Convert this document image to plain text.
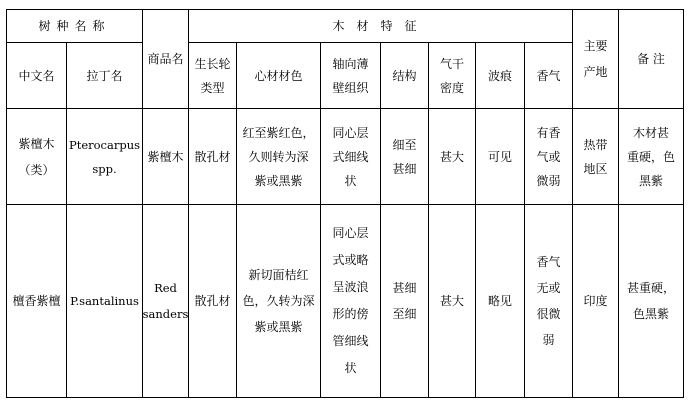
树种名称	木材特征
商品名
主要
产地
备 注
中文名	拉丁名
生长轮
类型
心材材色
轴向薄
壁组织
结构
气干
密度
波痕 香气
紫檀木
（类）
Pterocarpus
spp.
紫檀木 散孔材
红至紫红色，
久则转为深
紫或黑紫
同心层
式细线
状
细至
甚细
甚大 可见
有香
气或
微弱
热带
地区
木材甚
重硬，色
黑紫
檀香紫檀 P.santalinus
Red
sanders
散孔材
新切面桔红
色，久转为深
紫或黑紫
同心层
式或略
呈波浪
形的傍
管细线
状
甚细
至细
甚大 略见
香气
无或
很微
弱
印度
甚重硬，
色黑紫
